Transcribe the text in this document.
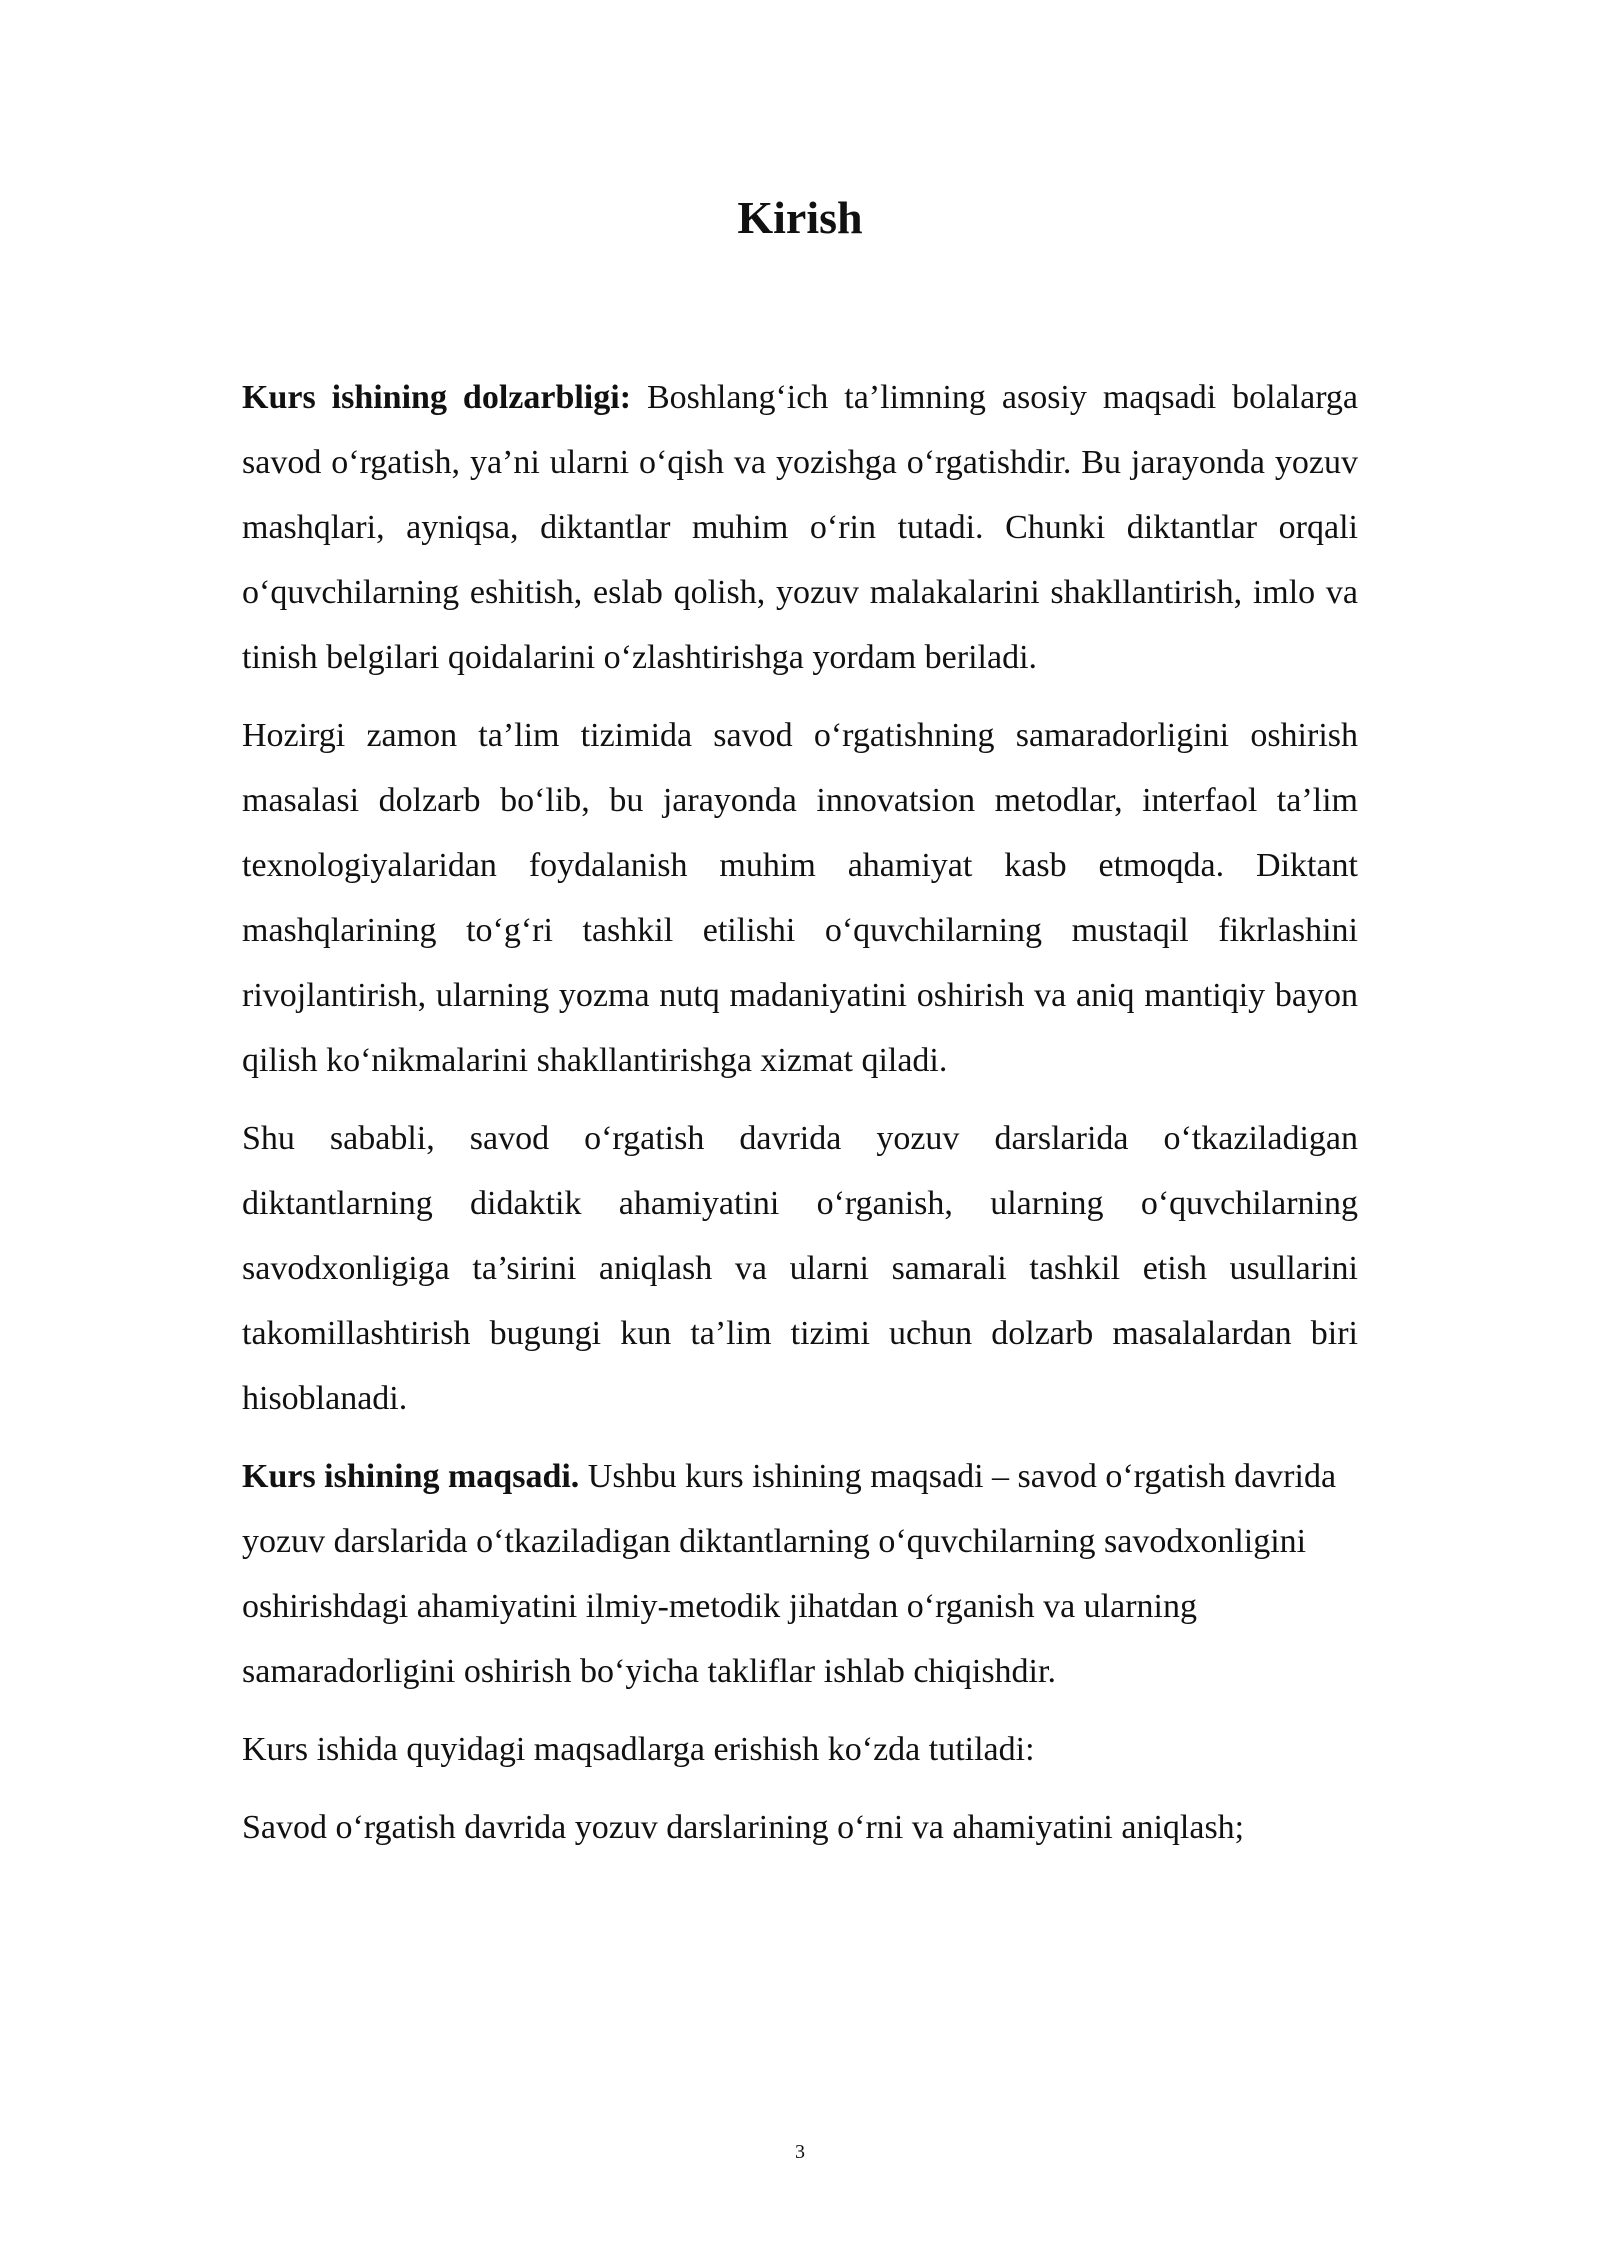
Kirish

Kurs ishining dolzarbligi: Boshlang‘ich ta’limning asosiy maqsadi bolalarga savod o‘rgatish, ya’ni ularni o‘qish va yozishga o‘rgatishdir. Bu jarayonda yozuv mashqlari, ayniqsa, diktantlar muhim o‘rin tutadi. Chunki diktantlar orqali o‘quvchilarning eshitish, eslab qolish, yozuv malakalarini shakllantirish, imlo va tinish belgilari qoidalarini o‘zlashtirishga yordam beriladi.

Hozirgi zamon ta’lim tizimida savod o‘rgatishning samaradorligini oshirish masalasi dolzarb bo‘lib, bu jarayonda innovatsion metodlar, interfaol ta’lim texnologiyalaridan foydalanish muhim ahamiyat kasb etmoqda. Diktant mashqlarining to‘g‘ri tashkil etilishi o‘quvchilarning mustaqil fikrlashini rivojlantirish, ularning yozma nutq madaniyatini oshirish va aniq mantiqiy bayon qilish ko‘nikmalarini shakllantirishga xizmat qiladi.

Shu sababli, savod o‘rgatish davrida yozuv darslarida o‘tkaziladigan diktantlarning didaktik ahamiyatini o‘rganish, ularning o‘quvchilarning savodxonligiga ta’sirini aniqlash va ularni samarali tashkil etish usullarini takomillashtirish bugungi kun ta’lim tizimi uchun dolzarb masalalardan biri hisoblanadi.

Kurs ishining maqsadi. Ushbu kurs ishining maqsadi – savod o‘rgatish davrida yozuv darslarida o‘tkaziladigan diktantlarning o‘quvchilarning savodxonligini oshirishdagi ahamiyatini ilmiy-metodik jihatdan o‘rganish va ularning samaradorligini oshirish bo‘yicha takliflar ishlab chiqishdir.

Kurs ishida quyidagi maqsadlarga erishish ko‘zda tutiladi:

Savod o‘rgatish davrida yozuv darslarining o‘rni va ahamiyatini aniqlash;

3
